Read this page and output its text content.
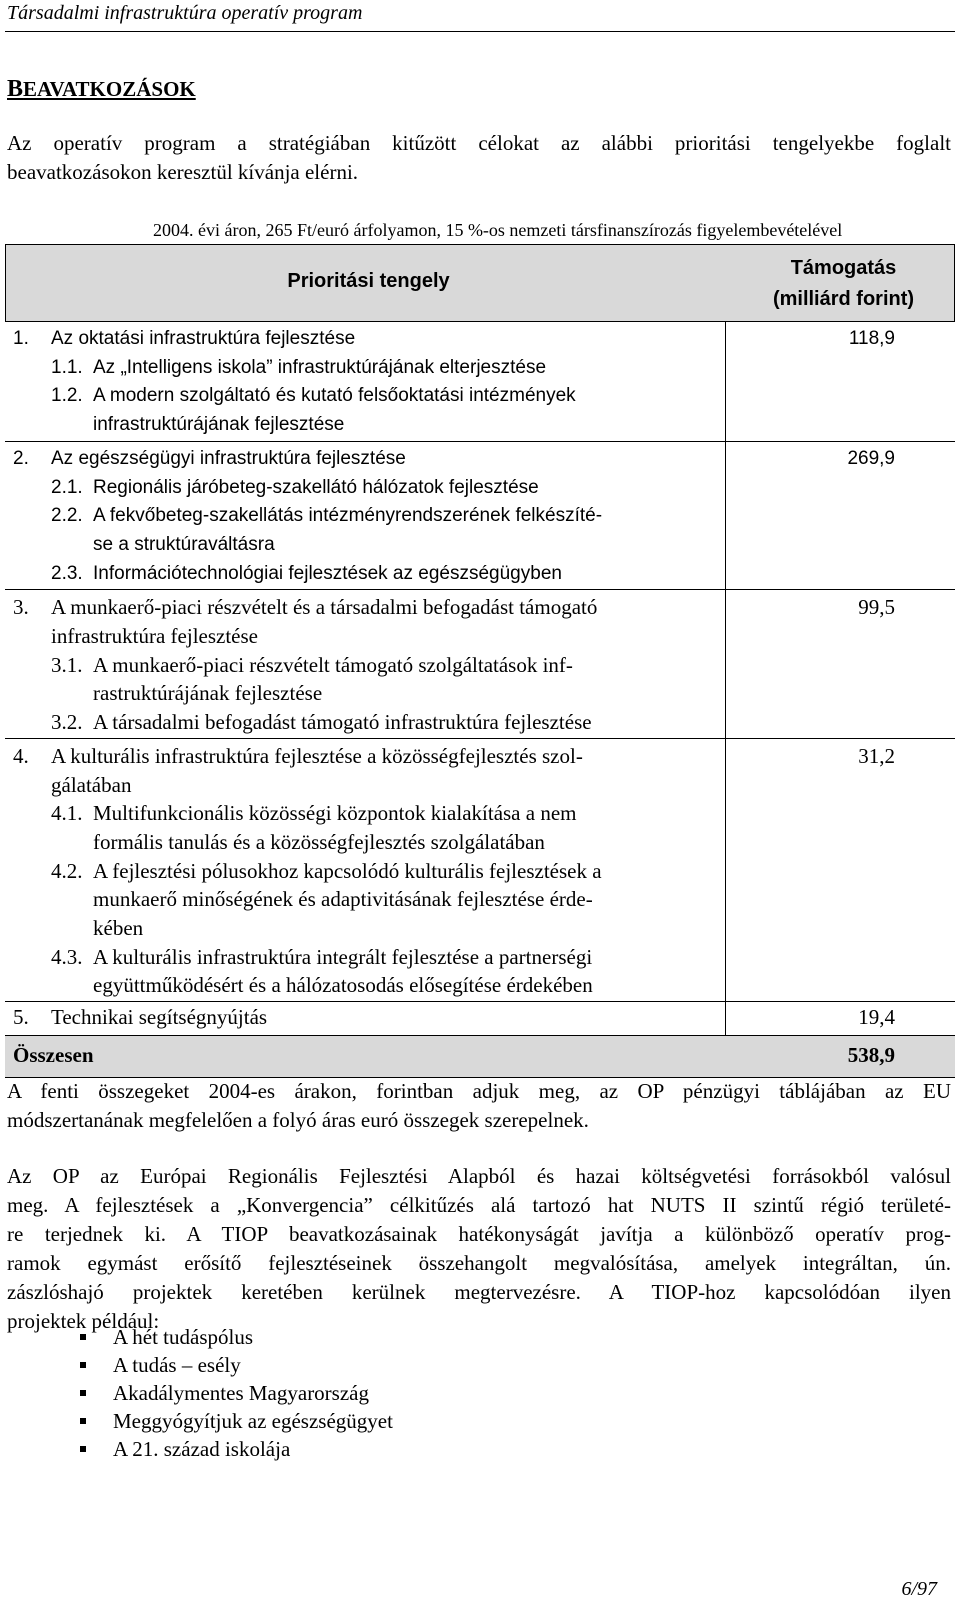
Társadalmi infrastruktúra operatív program
BEAVATKOZÁSOK
Az operatív program a stratégiában kitűzött célokat az alábbi prioritási tengelyekbe foglalt
beavatkozásokon keresztül kívánja elérni.
2004. évi áron, 265 Ft/euró árfolyamon, 15 %-os nemzeti társfinanszírozás figyelembevételével
Prioritási tengely
Támogatás
(milliárd forint)
1. Az oktatási infrastruktúra fejlesztése
1.1. Az „Intelligens iskola” infrastruktúrájának elterjesztése
1.2. A modern szolgáltató és kutató felsőoktatási intézmények
infrastruktúrájának fejlesztése
118,9
2. Az egészségügyi infrastruktúra fejlesztése
2.1. Regionális járóbeteg-szakellátó hálózatok fejlesztése
2.2. A fekvőbeteg-szakellátás intézményrendszerének felkészíté-
se a struktúraváltásra
2.3. Információtechnológiai fejlesztések az egészségügyben
269,9
3. A munkaerő-piaci részvételt és a társadalmi befogadást támogató
infrastruktúra fejlesztése
3.1. A munkaerő-piaci részvételt támogató szolgáltatások inf-
rastruktúrájának fejlesztése
3.2. A társadalmi befogadást támogató infrastruktúra fejlesztése
99,5
4. A kulturális infrastruktúra fejlesztése a közösségfejlesztés szol-
gálatában
4.1. Multifunkcionális közösségi központok kialakítása a nem
formális tanulás és a közösségfejlesztés szolgálatában
4.2. A fejlesztési pólusokhoz kapcsolódó kulturális fejlesztések a
munkaerő minőségének és adaptivitásának fejlesztése érde-
kében
4.3. A kulturális infrastruktúra integrált fejlesztése a partnerségi
együttműködésért és a hálózatosodás elősegítése érdekében
31,2
5. Technikai segítségnyújtás	19,4
Összesen	538,9
A fenti összegeket 2004-es árakon, forintban adjuk meg, az OP pénzügyi táblájában az EU
módszertanának megfelelően a folyó áras euró összegek szerepelnek.
Az OP az Európai Regionális Fejlesztési Alapból és hazai költségvetési forrásokból valósul
meg. A fejlesztések a „Konvergencia” célkitűzés alá tartozó hat NUTS II szintű régió területé-
re terjednek ki. A TIOP beavatkozásainak hatékonyságát javítja a különböző operatív prog-
ramok egymást erősítő fejlesztéseinek összehangolt megvalósítása, amelyek integráltan, ún.
zászlóshajó projektek keretében kerülnek megtervezésre. A TIOP-hoz kapcsolódóan ilyen
projektek például:
A hét tudáspólus
A tudás – esély
Akadálymentes Magyarország
Meggyógyítjuk az egészségügyet
A 21. század iskolája
6/97
